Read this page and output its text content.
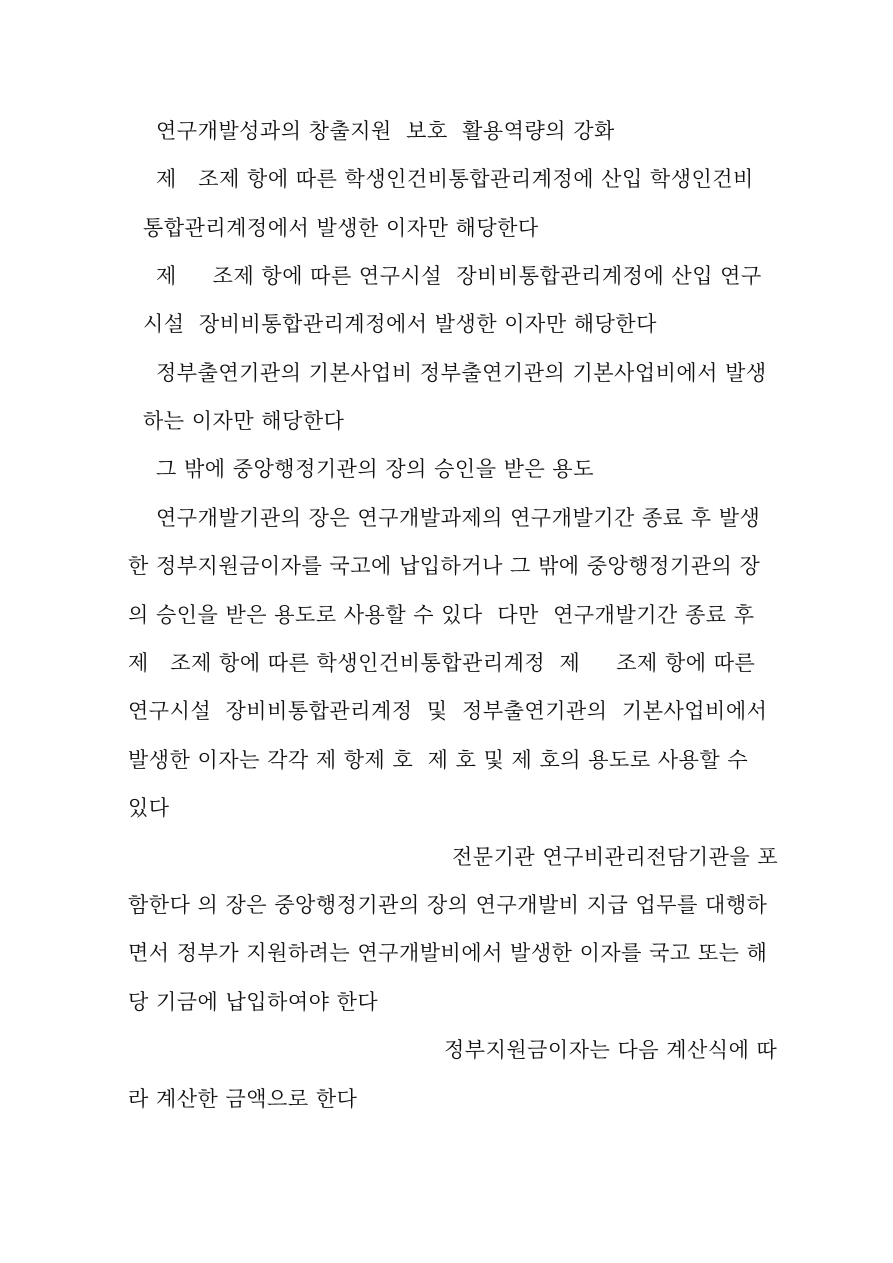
연구개발성과의 창출지원  보호  활용역량의 강화
제   조제 항에 따른 학생인건비통합관리계정에 산입 학생인건비
통합관리계정에서 발생한 이자만 해당한다
제     조제 항에 따른 연구시설  장비비통합관리계정에 산입 연구
시설  장비비통합관리계정에서 발생한 이자만 해당한다
정부출연기관의 기본사업비 정부출연기관의 기본사업비에서 발생
하는 이자만 해당한다
그 밖에 중앙행정기관의 장의 승인을 받은 용도
연구개발기관의 장은 연구개발과제의 연구개발기간 종료 후 발생
한 정부지원금이자를 국고에 납입하거나 그 밖에 중앙행정기관의 장
의 승인을 받은 용도로 사용할 수 있다  다만  연구개발기간 종료 후
제   조제 항에 따른 학생인건비통합관리계정  제     조제 항에 따른
연구시설  장비비통합관리계정  및  정부출연기관의  기본사업비에서
발생한 이자는 각각 제 항제 호  제 호 및 제 호의 용도로 사용할 수
있다
전문기관 연구비관리전담기관을 포
함한다 의 장은 중앙행정기관의 장의 연구개발비 지급 업무를 대행하
면서 정부가 지원하려는 연구개발비에서 발생한 이자를 국고 또는 해
당 기금에 납입하여야 한다
정부지원금이자는 다음 계산식에 따
라 계산한 금액으로 한다
